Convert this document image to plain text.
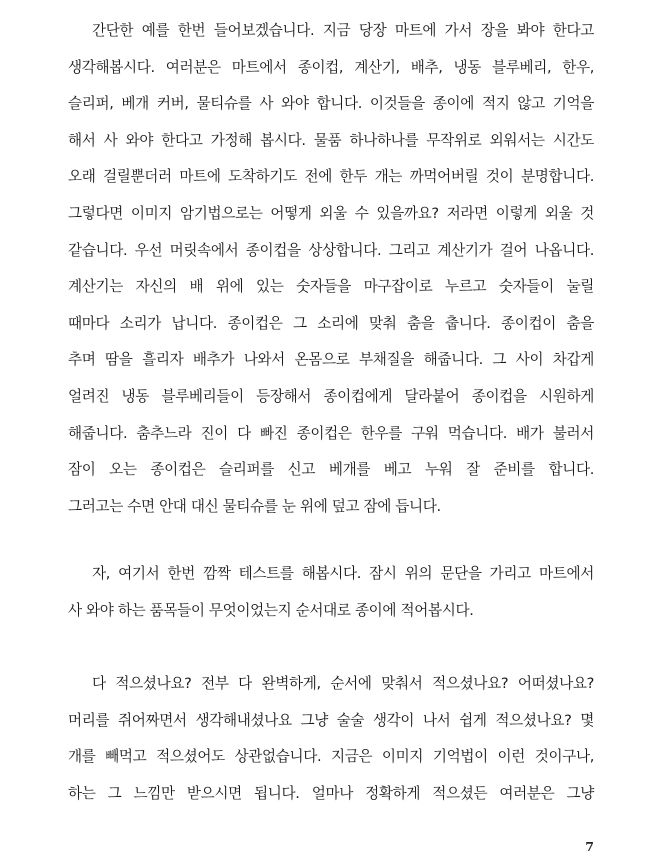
간단한 예를 한번 들어보겠습니다. 지금 당장 마트에 가서 장을 봐야 한다고
생각해봅시다. 여러분은 마트에서 종이컵, 계산기, 배추, 냉동 블루베리, 한우,
슬리퍼, 베개 커버, 물티슈를 사 와야 합니다. 이것들을 종이에 적지 않고 기억을
해서 사 와야 한다고 가정해 봅시다. 물품 하나하나를 무작위로 외워서는 시간도
오래 걸릴뿐더러 마트에 도착하기도 전에 한두 개는 까먹어버릴 것이 분명합니다.
그렇다면 이미지 암기법으로는 어떻게 외울 수 있을까요? 저라면 이렇게 외울 것
같습니다. 우선 머릿속에서 종이컵을 상상합니다. 그리고 계산기가 걸어 나옵니다.
계산기는 자신의 배 위에 있는 숫자들을 마구잡이로 누르고 숫자들이 눌릴
때마다 소리가 납니다. 종이컵은 그 소리에 맞춰 춤을 춥니다. 종이컵이 춤을
추며 땀을 흘리자 배추가 나와서 온몸으로 부채질을 해줍니다. 그 사이 차갑게
얼려진 냉동 블루베리들이 등장해서 종이컵에게 달라붙어 종이컵을 시원하게
해줍니다. 춤추느라 진이 다 빠진 종이컵은 한우를 구워 먹습니다. 배가 불러서
잠이 오는 종이컵은 슬리퍼를 신고 베개를 베고 누워 잘 준비를 합니다.
그러고는 수면 안대 대신 물티슈를 눈 위에 덮고 잠에 듭니다.
자, 여기서 한번 깜짝 테스트를 해봅시다. 잠시 위의 문단을 가리고 마트에서
사 와야 하는 품목들이 무엇이었는지 순서대로 종이에 적어봅시다.
다 적으셨나요? 전부 다 완벽하게, 순서에 맞춰서 적으셨나요? 어떠셨나요?
머리를 쥐어짜면서 생각해내셨나요 그냥 술술 생각이 나서 쉽게 적으셨나요? 몇
개를 빼먹고 적으셨어도 상관없습니다. 지금은 이미지 기억법이 이런 것이구나,
하는 그 느낌만 받으시면 됩니다. 얼마나 정확하게 적으셨든 여러분은 그냥
7
